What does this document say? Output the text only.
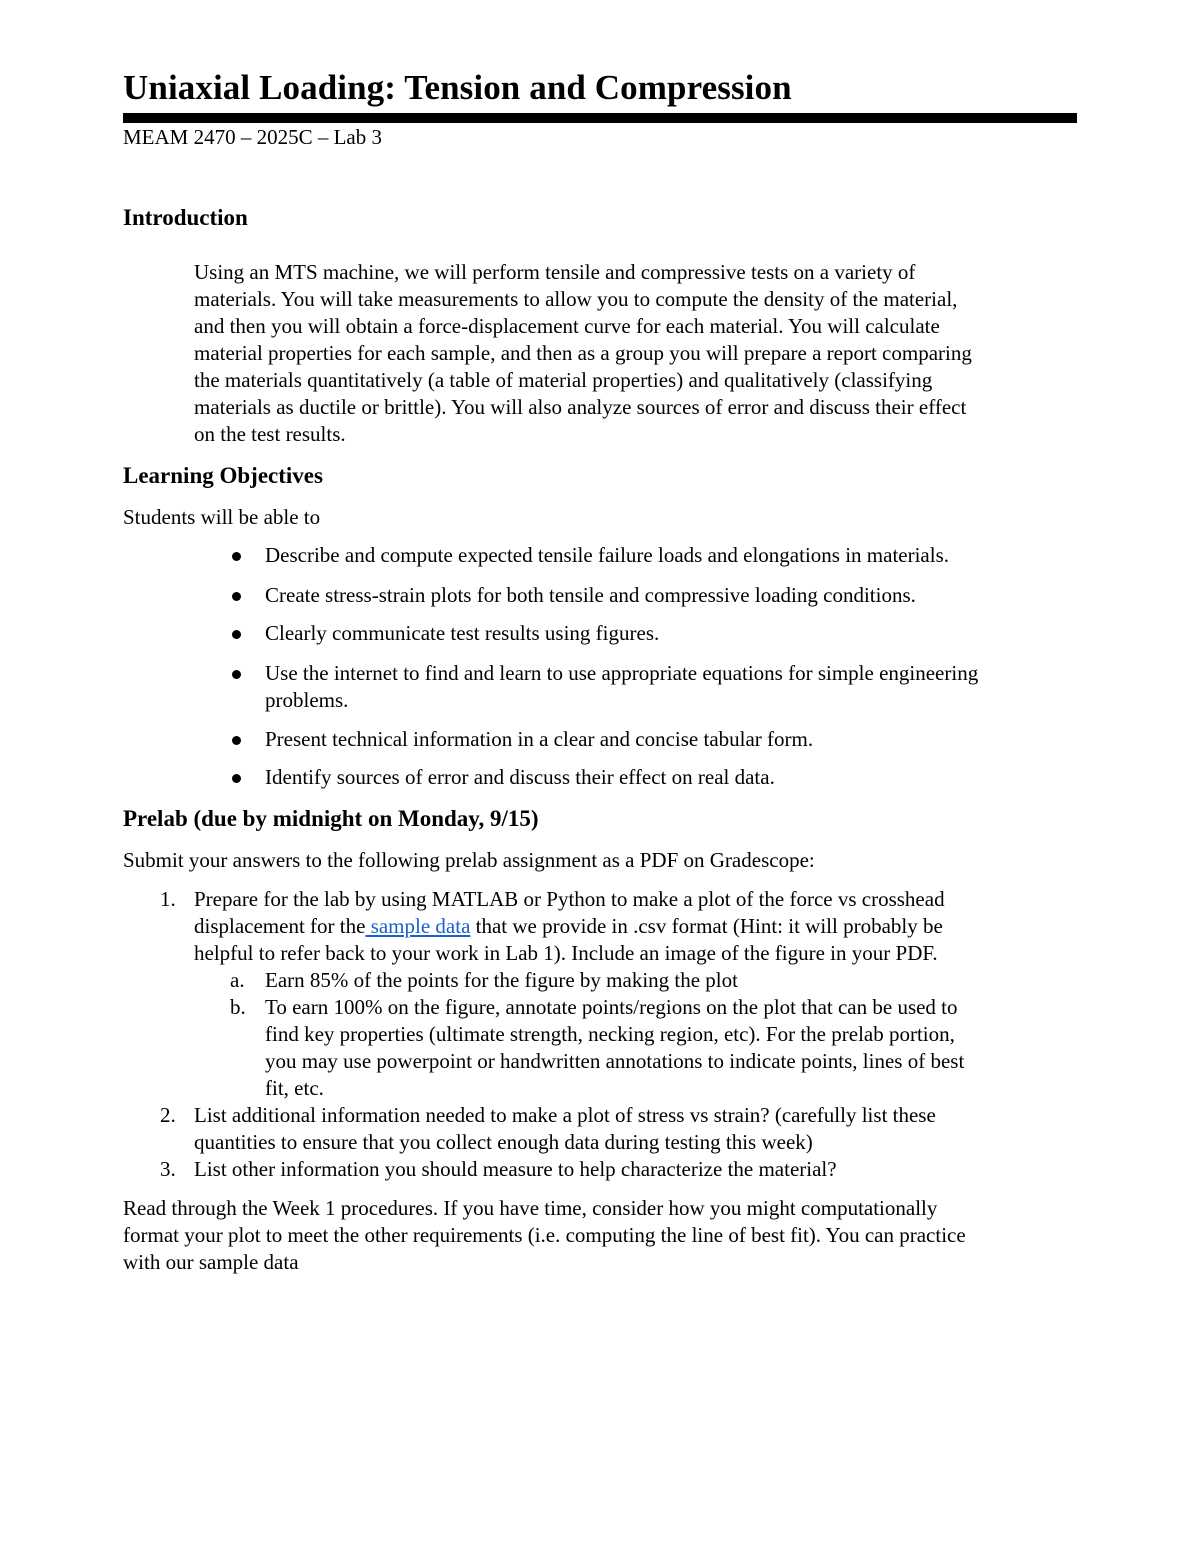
Uniaxial Loading: Tension and Compression
MEAM 2470 – 2025C – Lab 3
Introduction
Using an MTS machine, we will perform tensile and compressive tests on a variety of
materials. You will take measurements to allow you to compute the density of the material,
and then you will obtain a force-displacement curve for each material. You will calculate
material properties for each sample, and then as a group you will prepare a report comparing
the materials quantitatively (a table of material properties) and qualitatively (classifying
materials as ductile or brittle). You will also analyze sources of error and discuss their effect
on the test results.
Learning Objectives
Students will be able to
Describe and compute expected tensile failure loads and elongations in materials.
Create stress-strain plots for both tensile and compressive loading conditions.
Clearly communicate test results using figures.
Use the internet to find and learn to use appropriate equations for simple engineering
problems.
Present technical information in a clear and concise tabular form.
Identify sources of error and discuss their effect on real data.
Prelab (due by midnight on Monday, 9/15)
Submit your answers to the following prelab assignment as a PDF on Gradescope:
1. Prepare for the lab by using MATLAB or Python to make a plot of the force vs crosshead
displacement for the sample data that we provide in .csv format (Hint: it will probably be
helpful to refer back to your work in Lab 1). Include an image of the figure in your PDF.
a. Earn 85% of the points for the figure by making the plot
b. To earn 100% on the figure, annotate points/regions on the plot that can be used to
find key properties (ultimate strength, necking region, etc). For the prelab portion,
you may use powerpoint or handwritten annotations to indicate points, lines of best
fit, etc.
2. List additional information needed to make a plot of stress vs strain? (carefully list these
quantities to ensure that you collect enough data during testing this week)
3. List other information you should measure to help characterize the material?
Read through the Week 1 procedures. If you have time, consider how you might computationally
format your plot to meet the other requirements (i.e. computing the line of best fit). You can practice
with our sample data
